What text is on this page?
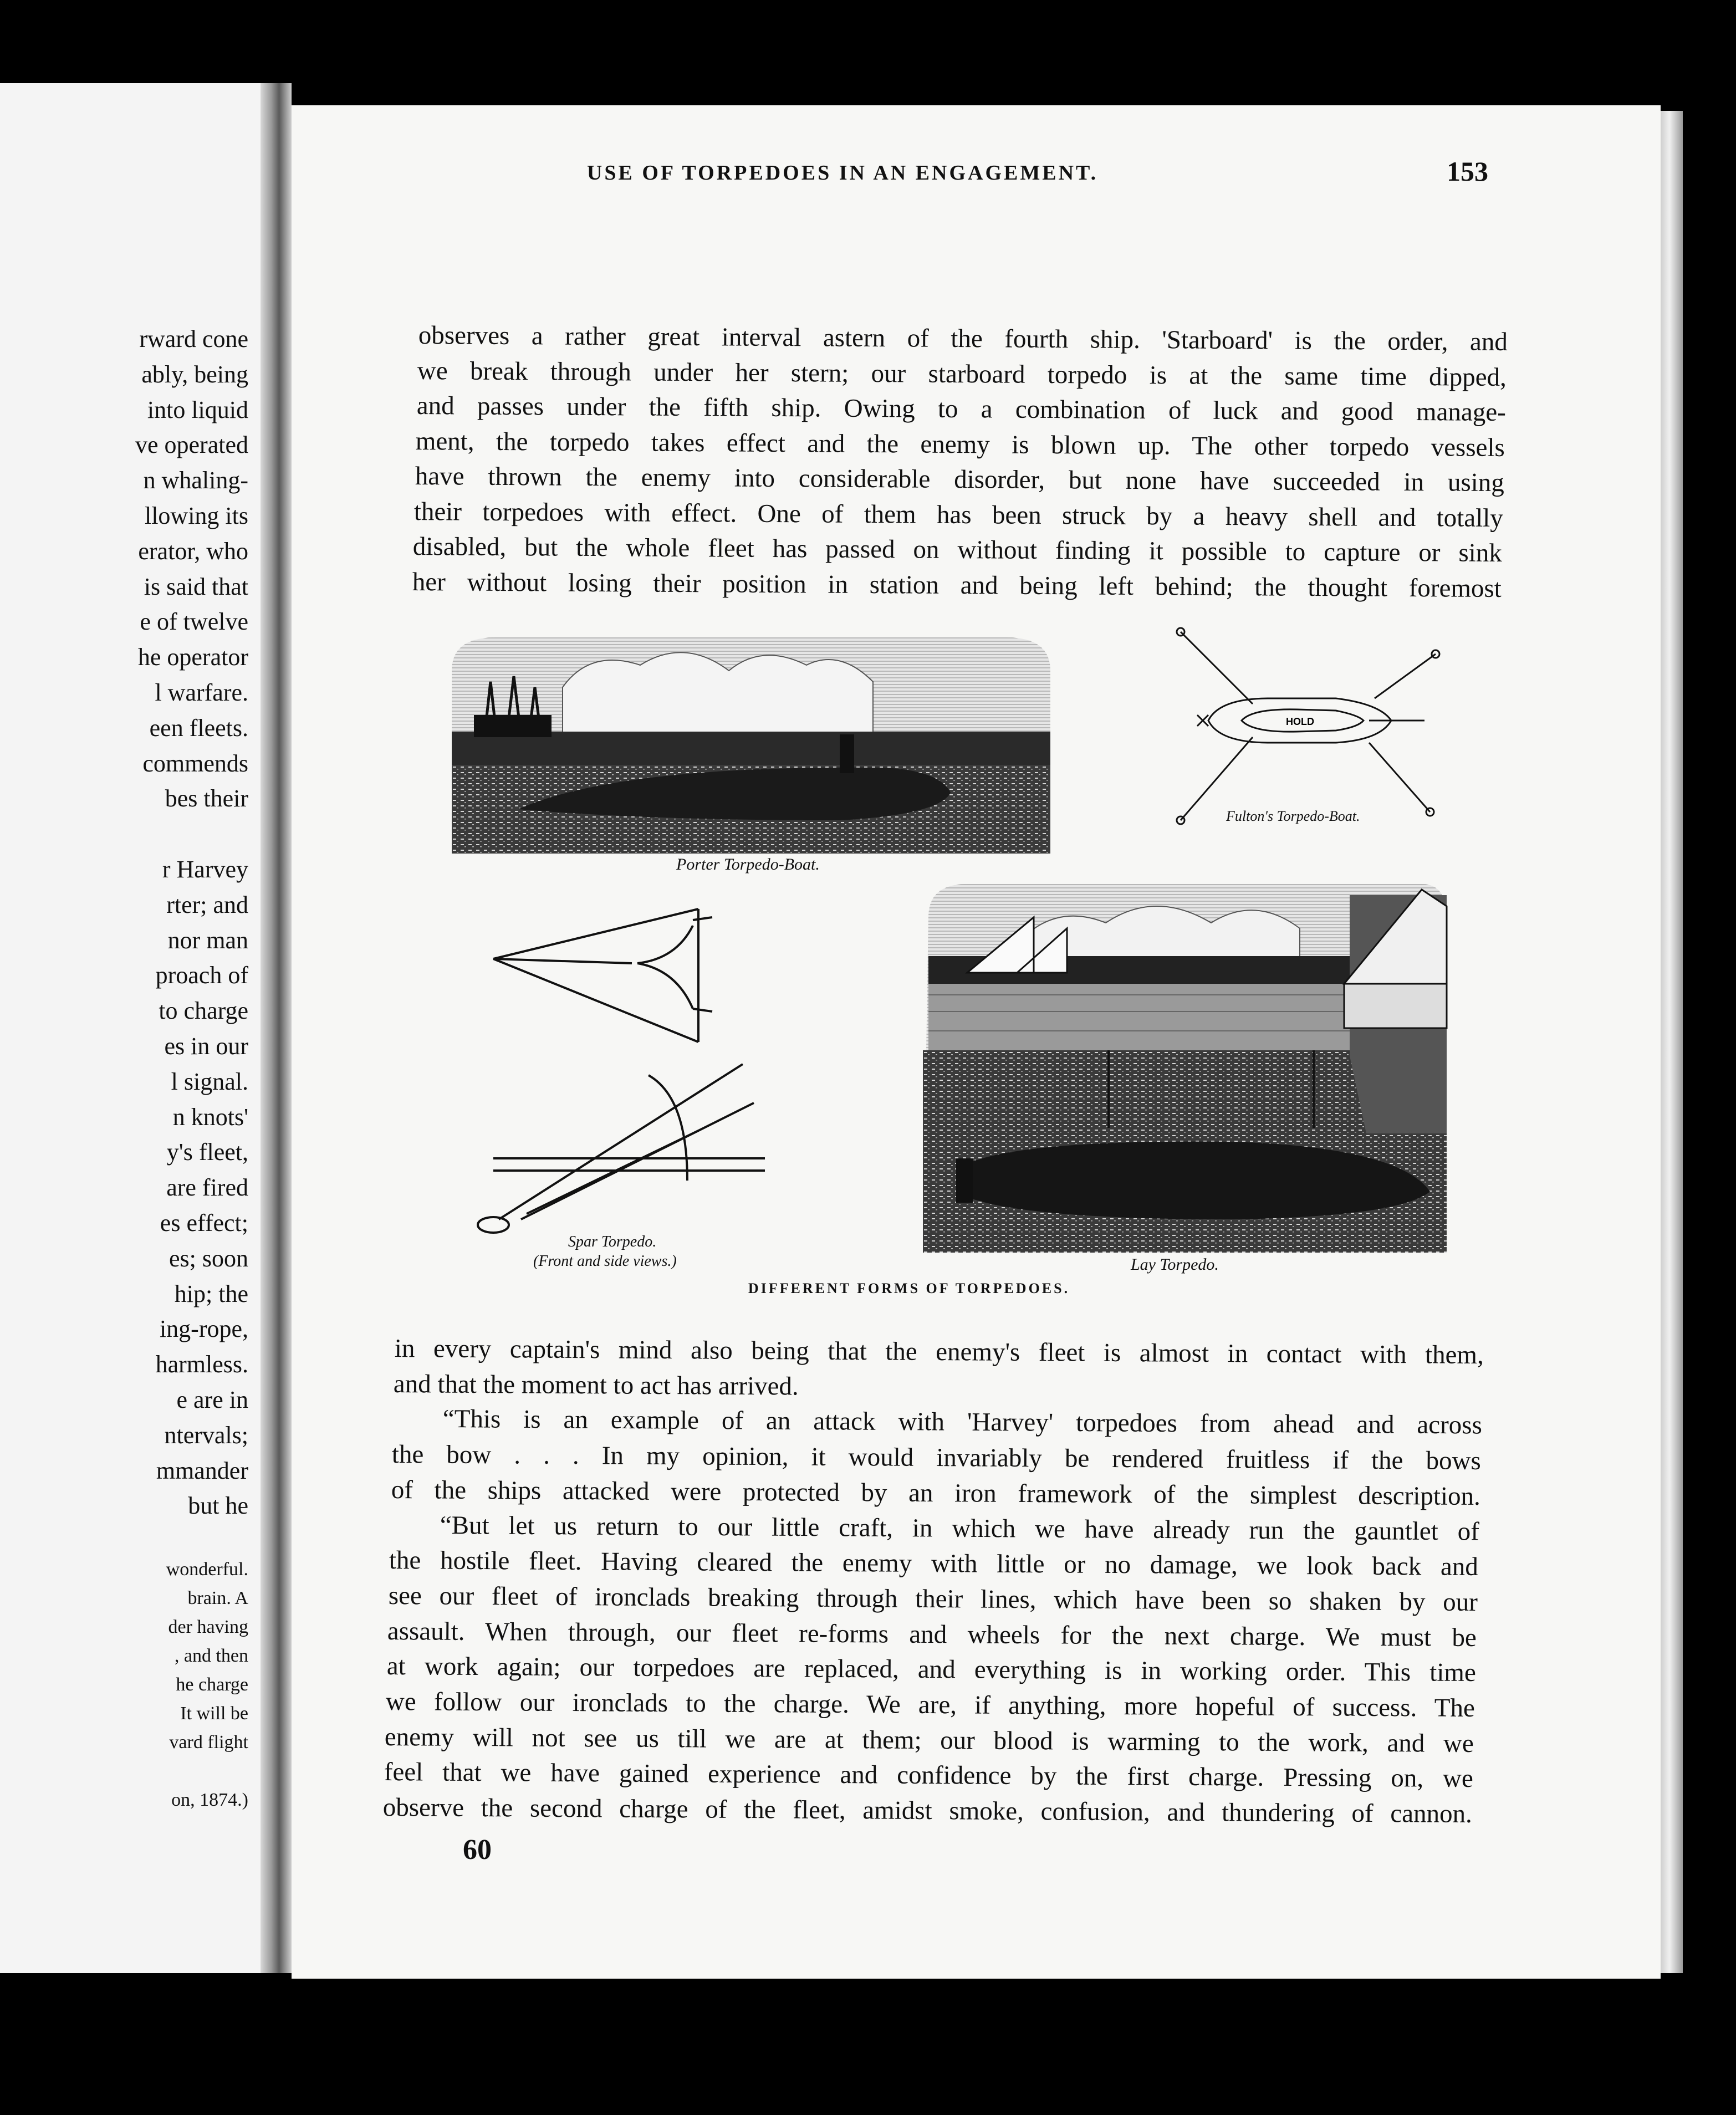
rward cone
ably, being
into liquid
ve operated
n whaling-
llowing its
erator, who
is said that
e of twelve
he operator
l warfare.
een fleets.
commends
bes their
r Harvey
rter; and
nor man
proach of
to charge
es in our
l signal.
n knots'
y's fleet,
are fired
es effect;
es; soon
hip; the
ing-rope,
harmless.
e are in
ntervals;
mmander
but he
wonderful.
brain. A
der having
, and then
he charge
It will be
vard flight
on, 1874.)
USE OF TORPEDOES IN AN ENGAGEMENT.	153
observes a rather great interval astern of the fourth ship. 'Starboard' is the order, and
we break through under her stern; our starboard torpedo is at the same time dipped,
and passes under the fifth ship. Owing to a combination of luck and good manage-
ment, the torpedo takes effect and the enemy is blown up. The other torpedo vessels
have thrown the enemy into considerable disorder, but none have succeeded in using
their torpedoes with effect. One of them has been struck by a heavy shell and totally
disabled, but the whole fleet has passed on without finding it possible to capture or sink
her without losing their position in station and being left behind; the thought foremost
Porter Torpedo-Boat.
HOLD
Fulton's Torpedo-Boat.
Spar Torpedo.
(Front and side views.)	Lay Torpedo.
DIFFERENT FORMS OF TORPEDOES.
in every captain's mind also being that the enemy's fleet is almost in contact with them,
and that the moment to act has arrived.
“This is an example of an attack with 'Harvey' torpedoes from ahead and across
the bow . . . In my opinion, it would invariably be rendered fruitless if the bows
of the ships attacked were protected by an iron framework of the simplest description.
“But let us return to our little craft, in which we have already run the gauntlet of
the hostile fleet. Having cleared the enemy with little or no damage, we look back and
see our fleet of ironclads breaking through their lines, which have been so shaken by our
assault. When through, our fleet re-forms and wheels for the next charge. We must be
at work again; our torpedoes are replaced, and everything is in working order. This time
we follow our ironclads to the charge. We are, if anything, more hopeful of success. The
enemy will not see us till we are at them; our blood is warming to the work, and we
feel that we have gained experience and confidence by the first charge. Pressing on, we
observe the second charge of the fleet, amidst smoke, confusion, and thundering of cannon.
60
